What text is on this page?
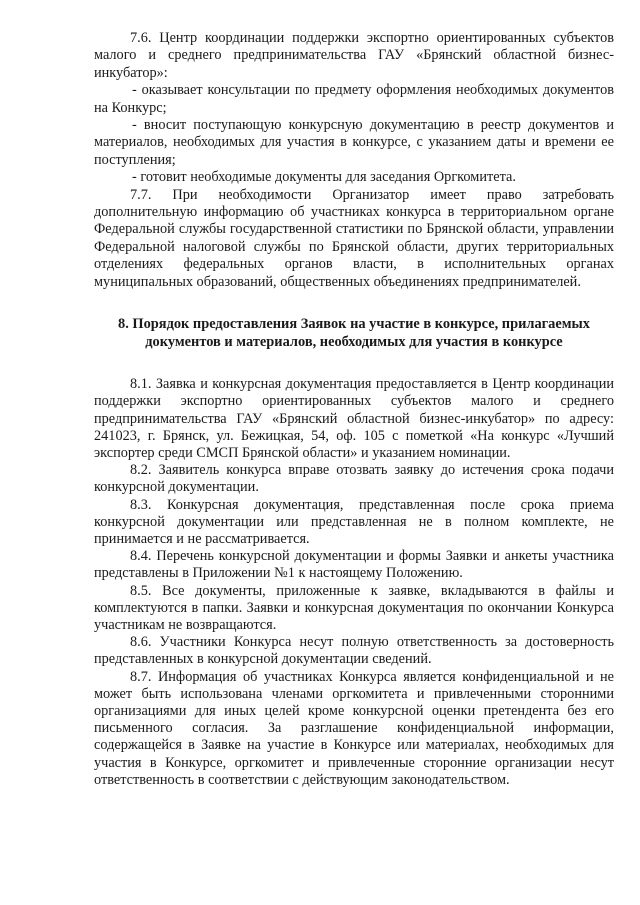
7.6. Центр координации поддержки экспортно ориентированных субъектов малого и среднего предпринимательства ГАУ «Брянский областной бизнес-инкубатор»:

- оказывает консультации по предмету оформления необходимых документов на Конкурс;

- вносит поступающую конкурсную документацию в реестр документов и материалов, необходимых для участия в конкурсе, с указанием даты и времени ее поступления;

- готовит необходимые документы для заседания Оргкомитета.

7.7. При необходимости Организатор имеет право затребовать дополнительную информацию об участниках конкурса в территориальном органе Федеральной службы государственной статистики по Брянской области, управлении Федеральной налоговой службы по Брянской области, других территориальных отделениях федеральных органов власти, в исполнительных органах муниципальных образований, общественных объединениях предпринимателей.

8. Порядок предоставления Заявок на участие в конкурсе, прилагаемых документов и материалов, необходимых для участия в конкурсе

8.1. Заявка и конкурсная документация предоставляется в Центр координации поддержки экспортно ориентированных субъектов малого и среднего предпринимательства ГАУ «Брянский областной бизнес-инкубатор» по адресу: 241023, г. Брянск, ул. Бежицкая, 54, оф. 105 с пометкой «На конкурс «Лучший экспортер среди СМСП Брянской области» и указанием номинации.

8.2. Заявитель конкурса вправе отозвать заявку до истечения срока подачи конкурсной документации.

8.3. Конкурсная документация, представленная после срока приема конкурсной документации или представленная не в полном комплекте, не принимается и не рассматривается.

8.4. Перечень конкурсной документации и формы Заявки и анкеты участника представлены в Приложении №1 к настоящему Положению.

8.5. Все документы, приложенные к заявке, вкладываются в файлы и комплектуются в папки. Заявки и конкурсная документация по окончании Конкурса участникам не возвращаются.

8.6. Участники Конкурса несут полную ответственность за достоверность представленных в конкурсной документации сведений.

8.7. Информация об участниках Конкурса является конфиденциальной и не может быть использована членами оргкомитета и привлеченными сторонними организациями для иных целей кроме конкурсной оценки претендента без его письменного согласия. За разглашение конфиденциальной информации, содержащейся в Заявке на участие в Конкурсе или материалах, необходимых для участия в Конкурсе, оргкомитет и привлеченные сторонние организации несут ответственность в соответствии с действующим законодательством.
